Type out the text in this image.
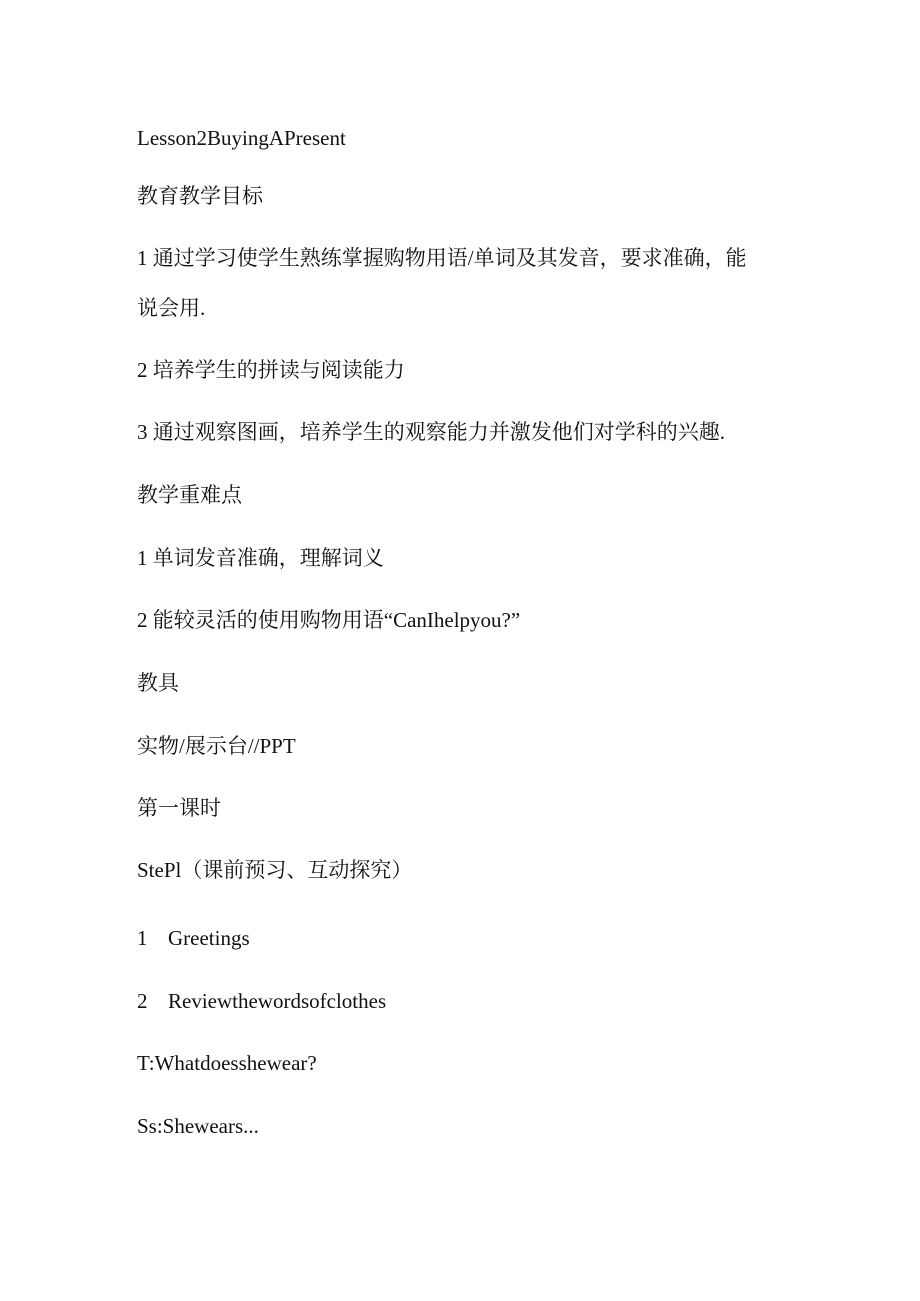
Lesson2BuyingAPresent
教育教学目标
1 通过学习使学生熟练掌握购物用语/单词及其发音，要求准确，能
说会用.
2 培养学生的拼读与阅读能力
3 通过观察图画，培养学生的观察能力并激发他们对学科的兴趣.
教学重难点
1 单词发音准确，理解词义
2 能较灵活的使用购物用语“CanIhelpyou?”
教具
实物/展示台//PPT
第一课时
StePl（课前预习、互动探究）
1 Greetings
2 Reviewthewordsofclothes
T:Whatdoesshewear?
Ss:Shewears...
